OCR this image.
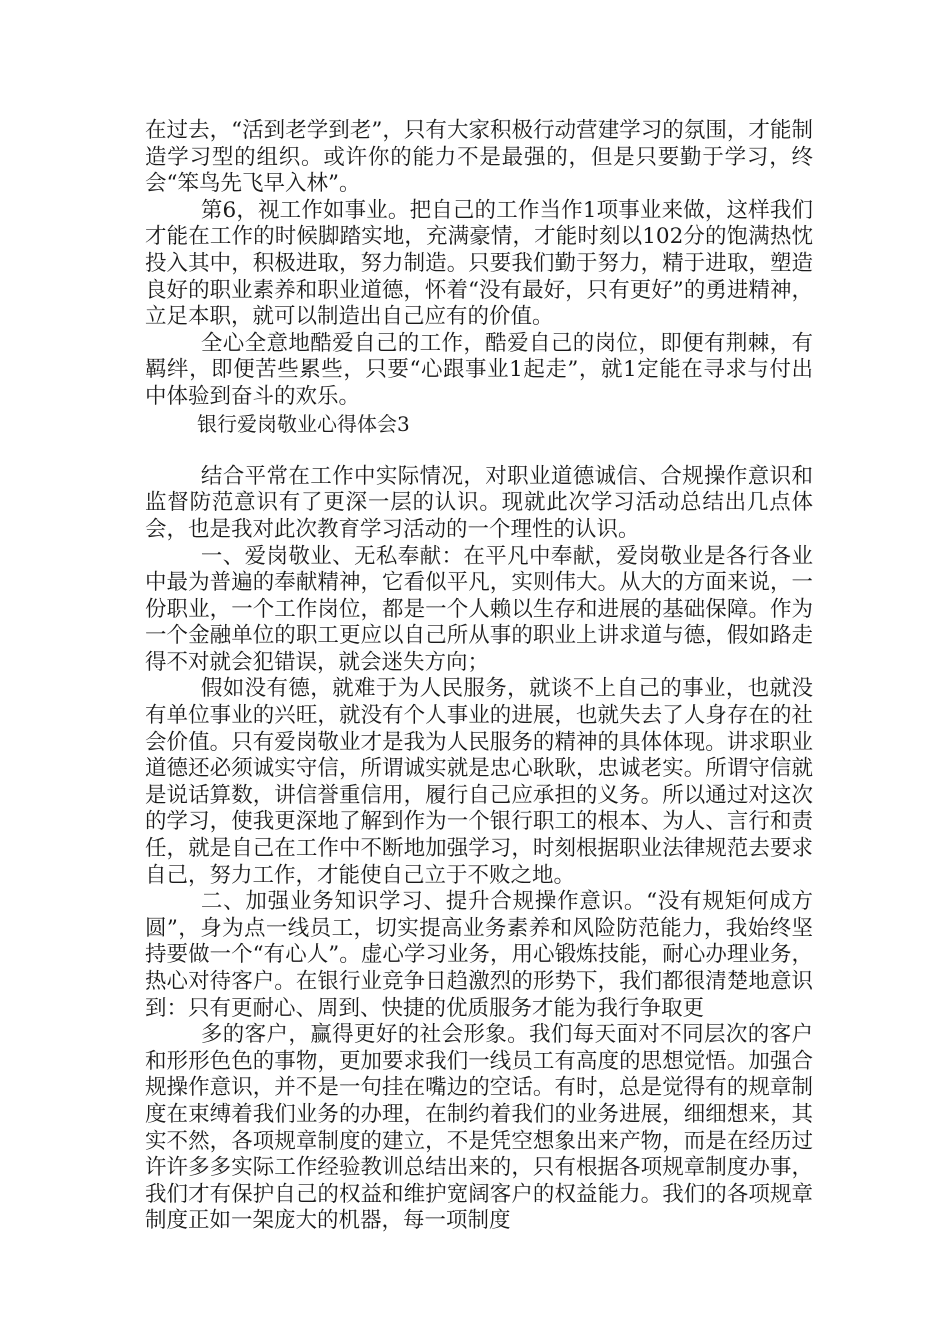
在过去，“活到老学到老”，只有大家积极行动营建学习的氛围，才能制造学习型的组织。或许你的能力不是最强的，但是只要勤于学习，终会“笨鸟先飞早入林”。

第6，视工作如事业。把自己的工作当作1项事业来做，这样我们才能在工作的时候脚踏实地，充满豪情，才能时刻以102分的饱满热忱投入其中，积极进取，努力制造。只要我们勤于努力，精于进取，塑造良好的职业素养和职业道德，怀着“没有最好，只有更好”的勇进精神，立足本职，就可以制造出自己应有的价值。

全心全意地酷爱自己的工作，酷爱自己的岗位，即便有荆棘，有羁绊，即便苦些累些，只要“心跟事业1起走”，就1定能在寻求与付出中体验到奋斗的欢乐。

银行爱岗敬业心得体会3

结合平常在工作中实际情况，对职业道德诚信、合规操作意识和监督防范意识有了更深一层的认识。现就此次学习活动总结出几点体会，也是我对此次教育学习活动的一个理性的认识。

一、爱岗敬业、无私奉献：在平凡中奉献，爱岗敬业是各行各业中最为普遍的奉献精神，它看似平凡，实则伟大。从大的方面来说，一份职业，一个工作岗位，都是一个人赖以生存和进展的基础保障。作为一个金融单位的职工更应以自己所从事的职业上讲求道与德，假如路走得不对就会犯错误，就会迷失方向；

假如没有德，就难于为人民服务，就谈不上自己的事业，也就没有单位事业的兴旺，就没有个人事业的进展，也就失去了人身存在的社会价值。只有爱岗敬业才是我为人民服务的精神的具体体现。讲求职业道德还必须诚实守信，所谓诚实就是忠心耿耿，忠诚老实。所谓守信就是说话算数，讲信誉重信用，履行自己应承担的义务。所以通过对这次的学习，使我更深地了解到作为一个银行职工的根本、为人、言行和责任，就是自己在工作中不断地加强学习，时刻根据职业法律规范去要求自己，努力工作，才能使自己立于不败之地。

二、加强业务知识学习、提升合规操作意识。“没有规矩何成方圆”，身为点一线员工，切实提高业务素养和风险防范能力，我始终坚持要做一个“有心人”。虚心学习业务，用心锻炼技能，耐心办理业务，热心对待客户。在银行业竞争日趋激烈的形势下，我们都很清楚地意识到：只有更耐心、周到、快捷的优质服务才能为我行争取更

多的客户，赢得更好的社会形象。我们每天面对不同层次的客户和形形色色的事物，更加要求我们一线员工有高度的思想觉悟。加强合规操作意识，并不是一句挂在嘴边的空话。有时，总是觉得有的规章制度在束缚着我们业务的办理，在制约着我们的业务进展，细细想来，其实不然，各项规章制度的建立，不是凭空想象出来产物，而是在经历过许许多多实际工作经验教训总结出来的，只有根据各项规章制度办事，我们才有保护自己的权益和维护宽阔客户的权益能力。我们的各项规章制度正如一架庞大的机器，每一项制度
